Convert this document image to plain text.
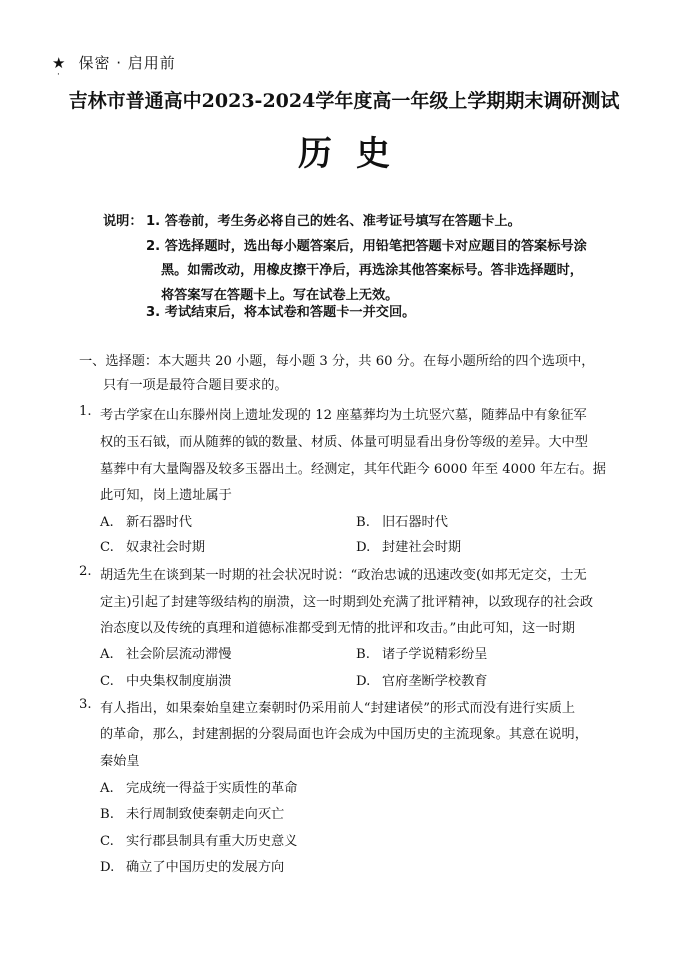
★ 保密 · 启用前
·
吉林市普通高中2023-2024学年度高一年级上学期期末调研测试
历史
说明： 1. 答卷前，考生务必将自己的姓名、准考证号填写在答题卡上。
2. 答选择题时，选出每小题答案后，用铅笔把答题卡对应题目的答案标号涂
黑。如需改动，用橡皮擦干净后，再选涂其他答案标号。答非选择题时，
将答案写在答题卡上。写在试卷上无效。
3. 考试结束后，将本试卷和答题卡一并交回。
一、选择题：本大题共 20 小题，每小题 3 分，共 60 分。在每小题所给的四个选项中，
只有一项是最符合题目要求的。
1. 考古学家在山东滕州岗上遗址发现的 12 座墓葬均为土坑竖穴墓，随葬品中有象征军
权的玉石钺，而从随葬的钺的数量、材质、体量可明显看出身份等级的差异。大中型
墓葬中有大量陶器及较多玉器出土。经测定，其年代距今 6000 年至 4000 年左右。据
此可知，岗上遗址属于
A. 新石器时代	B. 旧石器时代
C. 奴隶社会时期	D. 封建社会时期
2. 胡适先生在谈到某一时期的社会状况时说：“政治忠诚的迅速改变(如邦无定交，士无
定主)引起了封建等级结构的崩溃，这一时期到处充满了批评精神，以致现存的社会政
治态度以及传统的真理和道德标准都受到无情的批评和攻击。”由此可知，这一时期
A. 社会阶层流动滞慢	B. 诸子学说精彩纷呈
C. 中央集权制度崩溃	D. 官府垄断学校教育
3. 有人指出，如果秦始皇建立秦朝时仍采用前人“封建诸侯”的形式而没有进行实质上
的革命，那么，封建割据的分裂局面也许会成为中国历史的主流现象。其意在说明，
秦始皇
A. 完成统一得益于实质性的革命
B. 未行周制致使秦朝走向灭亡
C. 实行郡县制具有重大历史意义
D. 确立了中国历史的发展方向
